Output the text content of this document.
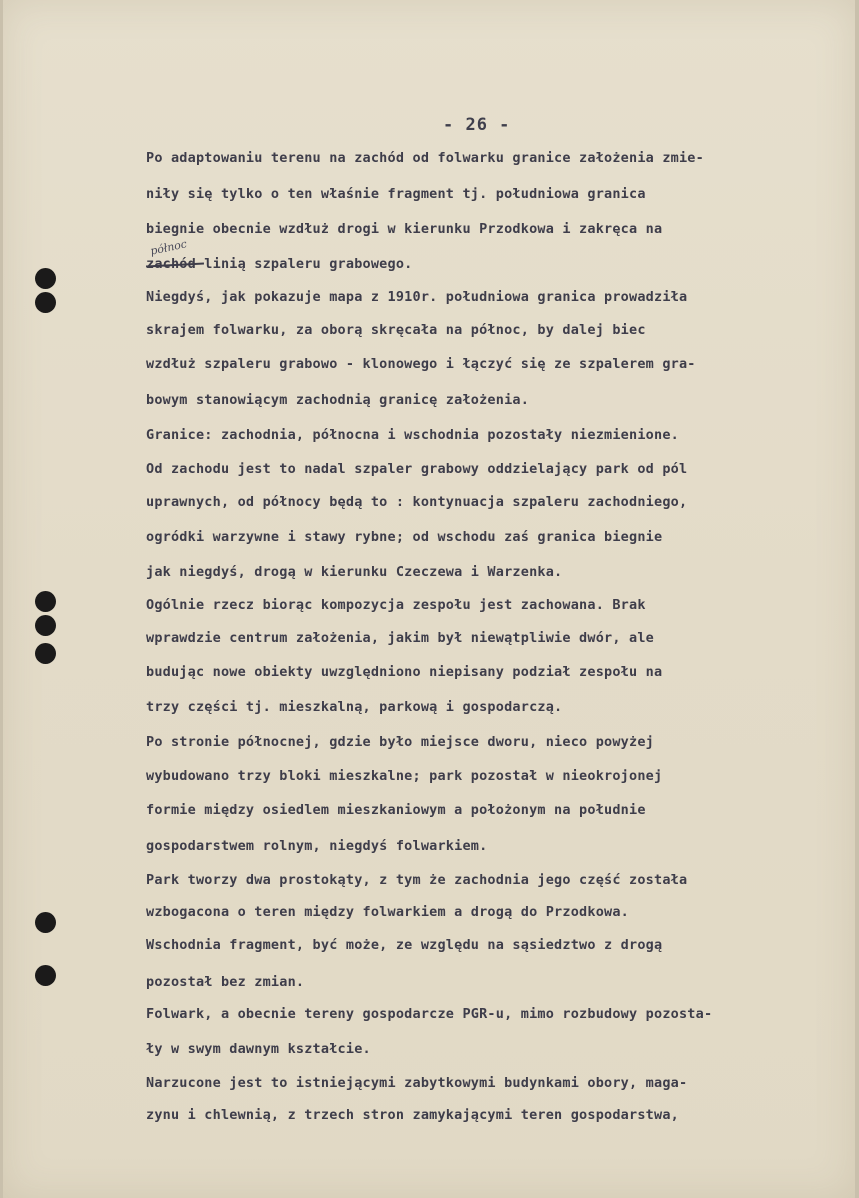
- 26 -
północ
Po adaptowaniu terenu na zachód od folwarku granice założenia zmie-
niły się tylko o ten właśnie fragment tj. południowa granica
biegnie obecnie wzdłuż drogi w kierunku Przodkowa i zakręca na
zachód linią szpaleru grabowego.
Niegdyś, jak pokazuje mapa z 1910r. południowa granica prowadziła
skrajem folwarku, za oborą skręcała na północ, by dalej biec
wzdłuż szpaleru grabowo - klonowego i łączyć się ze szpalerem gra-
bowym stanowiącym zachodnią granicę założenia.
Granice: zachodnia, północna i wschodnia pozostały niezmienione.
Od zachodu jest to nadal szpaler grabowy oddzielający park od pól
uprawnych, od północy będą to : kontynuacja szpaleru zachodniego,
ogródki warzywne i stawy rybne; od wschodu zaś granica biegnie
jak niegdyś, drogą w kierunku Czeczewa i Warzenka.
Ogólnie rzecz biorąc kompozycja zespołu jest zachowana. Brak
wprawdzie centrum założenia, jakim był niewątpliwie dwór, ale
budując nowe obiekty uwzględniono niepisany podział zespołu na
trzy części tj. mieszkalną, parkową i gospodarczą.
Po stronie północnej, gdzie było miejsce dworu, nieco powyżej
wybudowano trzy bloki mieszkalne; park pozostał w nieokrojonej
formie między osiedlem mieszkaniowym a położonym na południe
gospodarstwem rolnym, niegdyś folwarkiem.
Park tworzy dwa prostokąty, z tym że zachodnia jego część została
wzbogacona o teren między folwarkiem a drogą do Przodkowa.
Wschodnia fragment, być może, ze względu na sąsiedztwo z drogą
pozostał bez zmian.
Folwark, a obecnie tereny gospodarcze PGR-u, mimo rozbudowy pozosta-
ły w swym dawnym kształcie.
Narzucone jest to istniejącymi zabytkowymi budynkami obory, maga-
zynu i chlewnią, z trzech stron zamykającymi teren gospodarstwa,
